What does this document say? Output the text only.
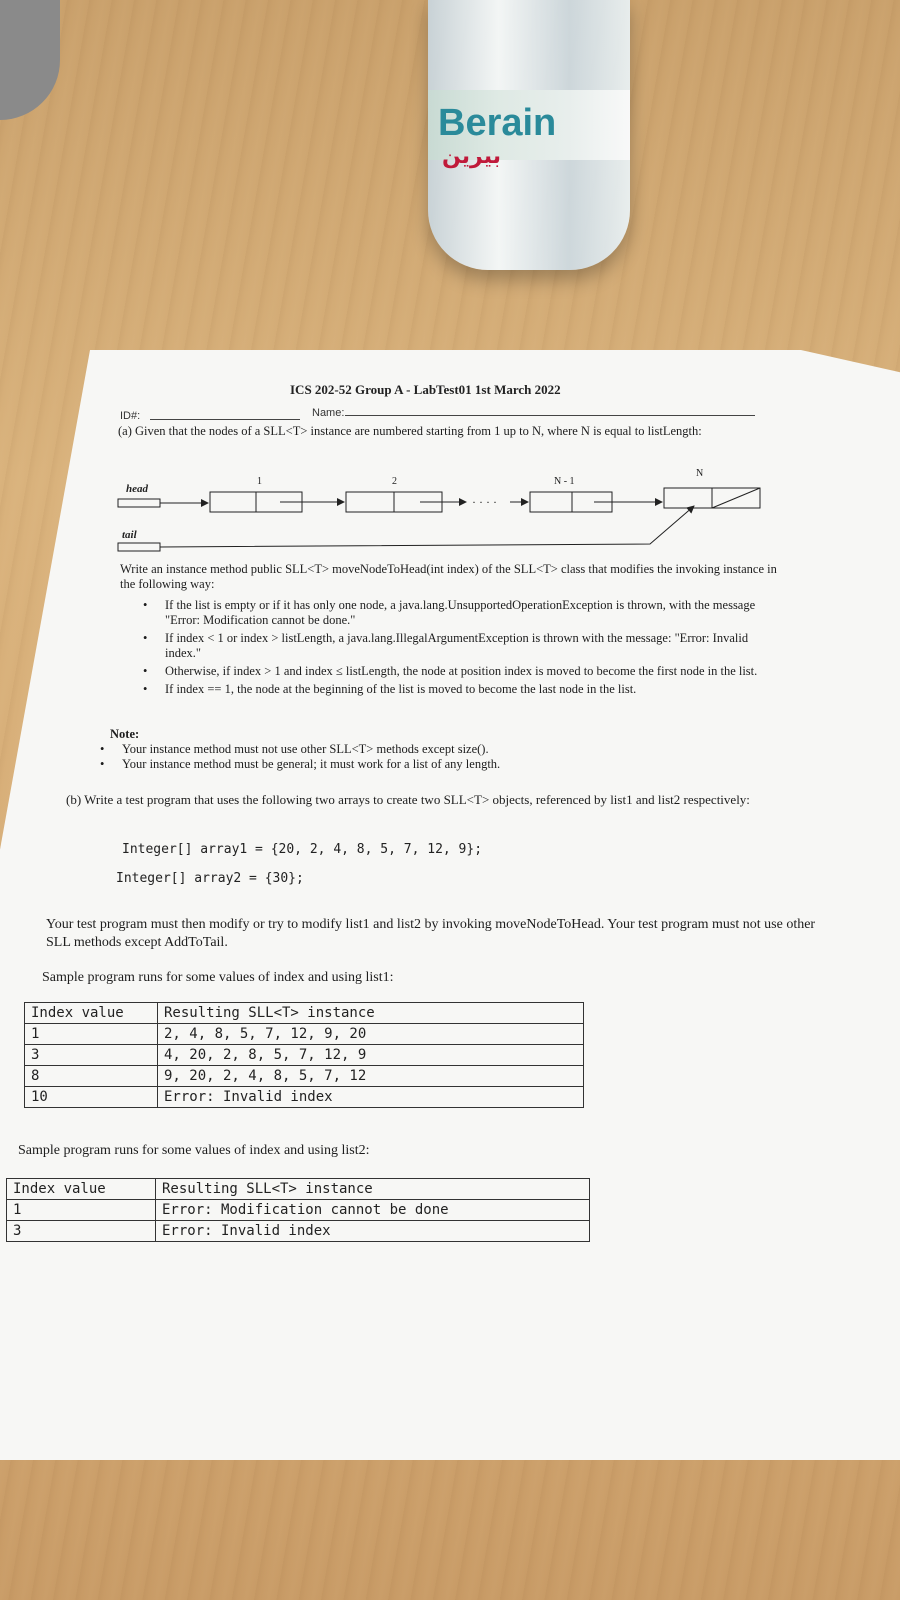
Berain
بيرين
ICS 202-52 Group A - LabTest01 1st March 2022
ID#:	Name:
(a) Given that the nodes of a SLL<T> instance are numbered starting from 1 up to N, where N is equal to listLength:
head
tail
1	2
· · · ·
N - 1
N
Write an instance method public SLL<T> moveNodeToHead(int index) of the SLL<T> class that modifies the invoking instance in the following way:
• If the list is empty or if it has only one node, a java.lang.UnsupportedOperationException is thrown, with the message "Error: Modification cannot be done."
• If index < 1 or index > listLength, a java.lang.IllegalArgumentException is thrown with the message: "Error: Invalid index."
• Otherwise, if index > 1 and index ≤ listLength, the node at position index is moved to become the first node in the list.
• If index == 1, the node at the beginning of the list is moved to become the last node in the list.
Note:
• Your instance method must not use other SLL<T> methods except size().
• Your instance method must be general; it must work for a list of any length.
(b) Write a test program that uses the following two arrays to create two SLL<T> objects, referenced by list1 and list2 respectively:
Integer[] array1 = {20, 2, 4, 8, 5, 7, 12, 9};
Integer[] array2 = {30};
Your test program must then modify or try to modify list1 and list2 by invoking moveNodeToHead. Your test program must not use other SLL methods except AddToTail.
Sample program runs for some values of index and using list1:
Index value	Resulting SLL<T> instance
1	2, 4, 8, 5, 7, 12, 9, 20
3	4, 20, 2, 8, 5, 7, 12, 9
8	9, 20, 2, 4, 8, 5, 7, 12
10	Error: Invalid index
Sample program runs for some values of index and using list2:
Index value	Resulting SLL<T> instance
1	Error: Modification cannot be done
3	Error: Invalid index
